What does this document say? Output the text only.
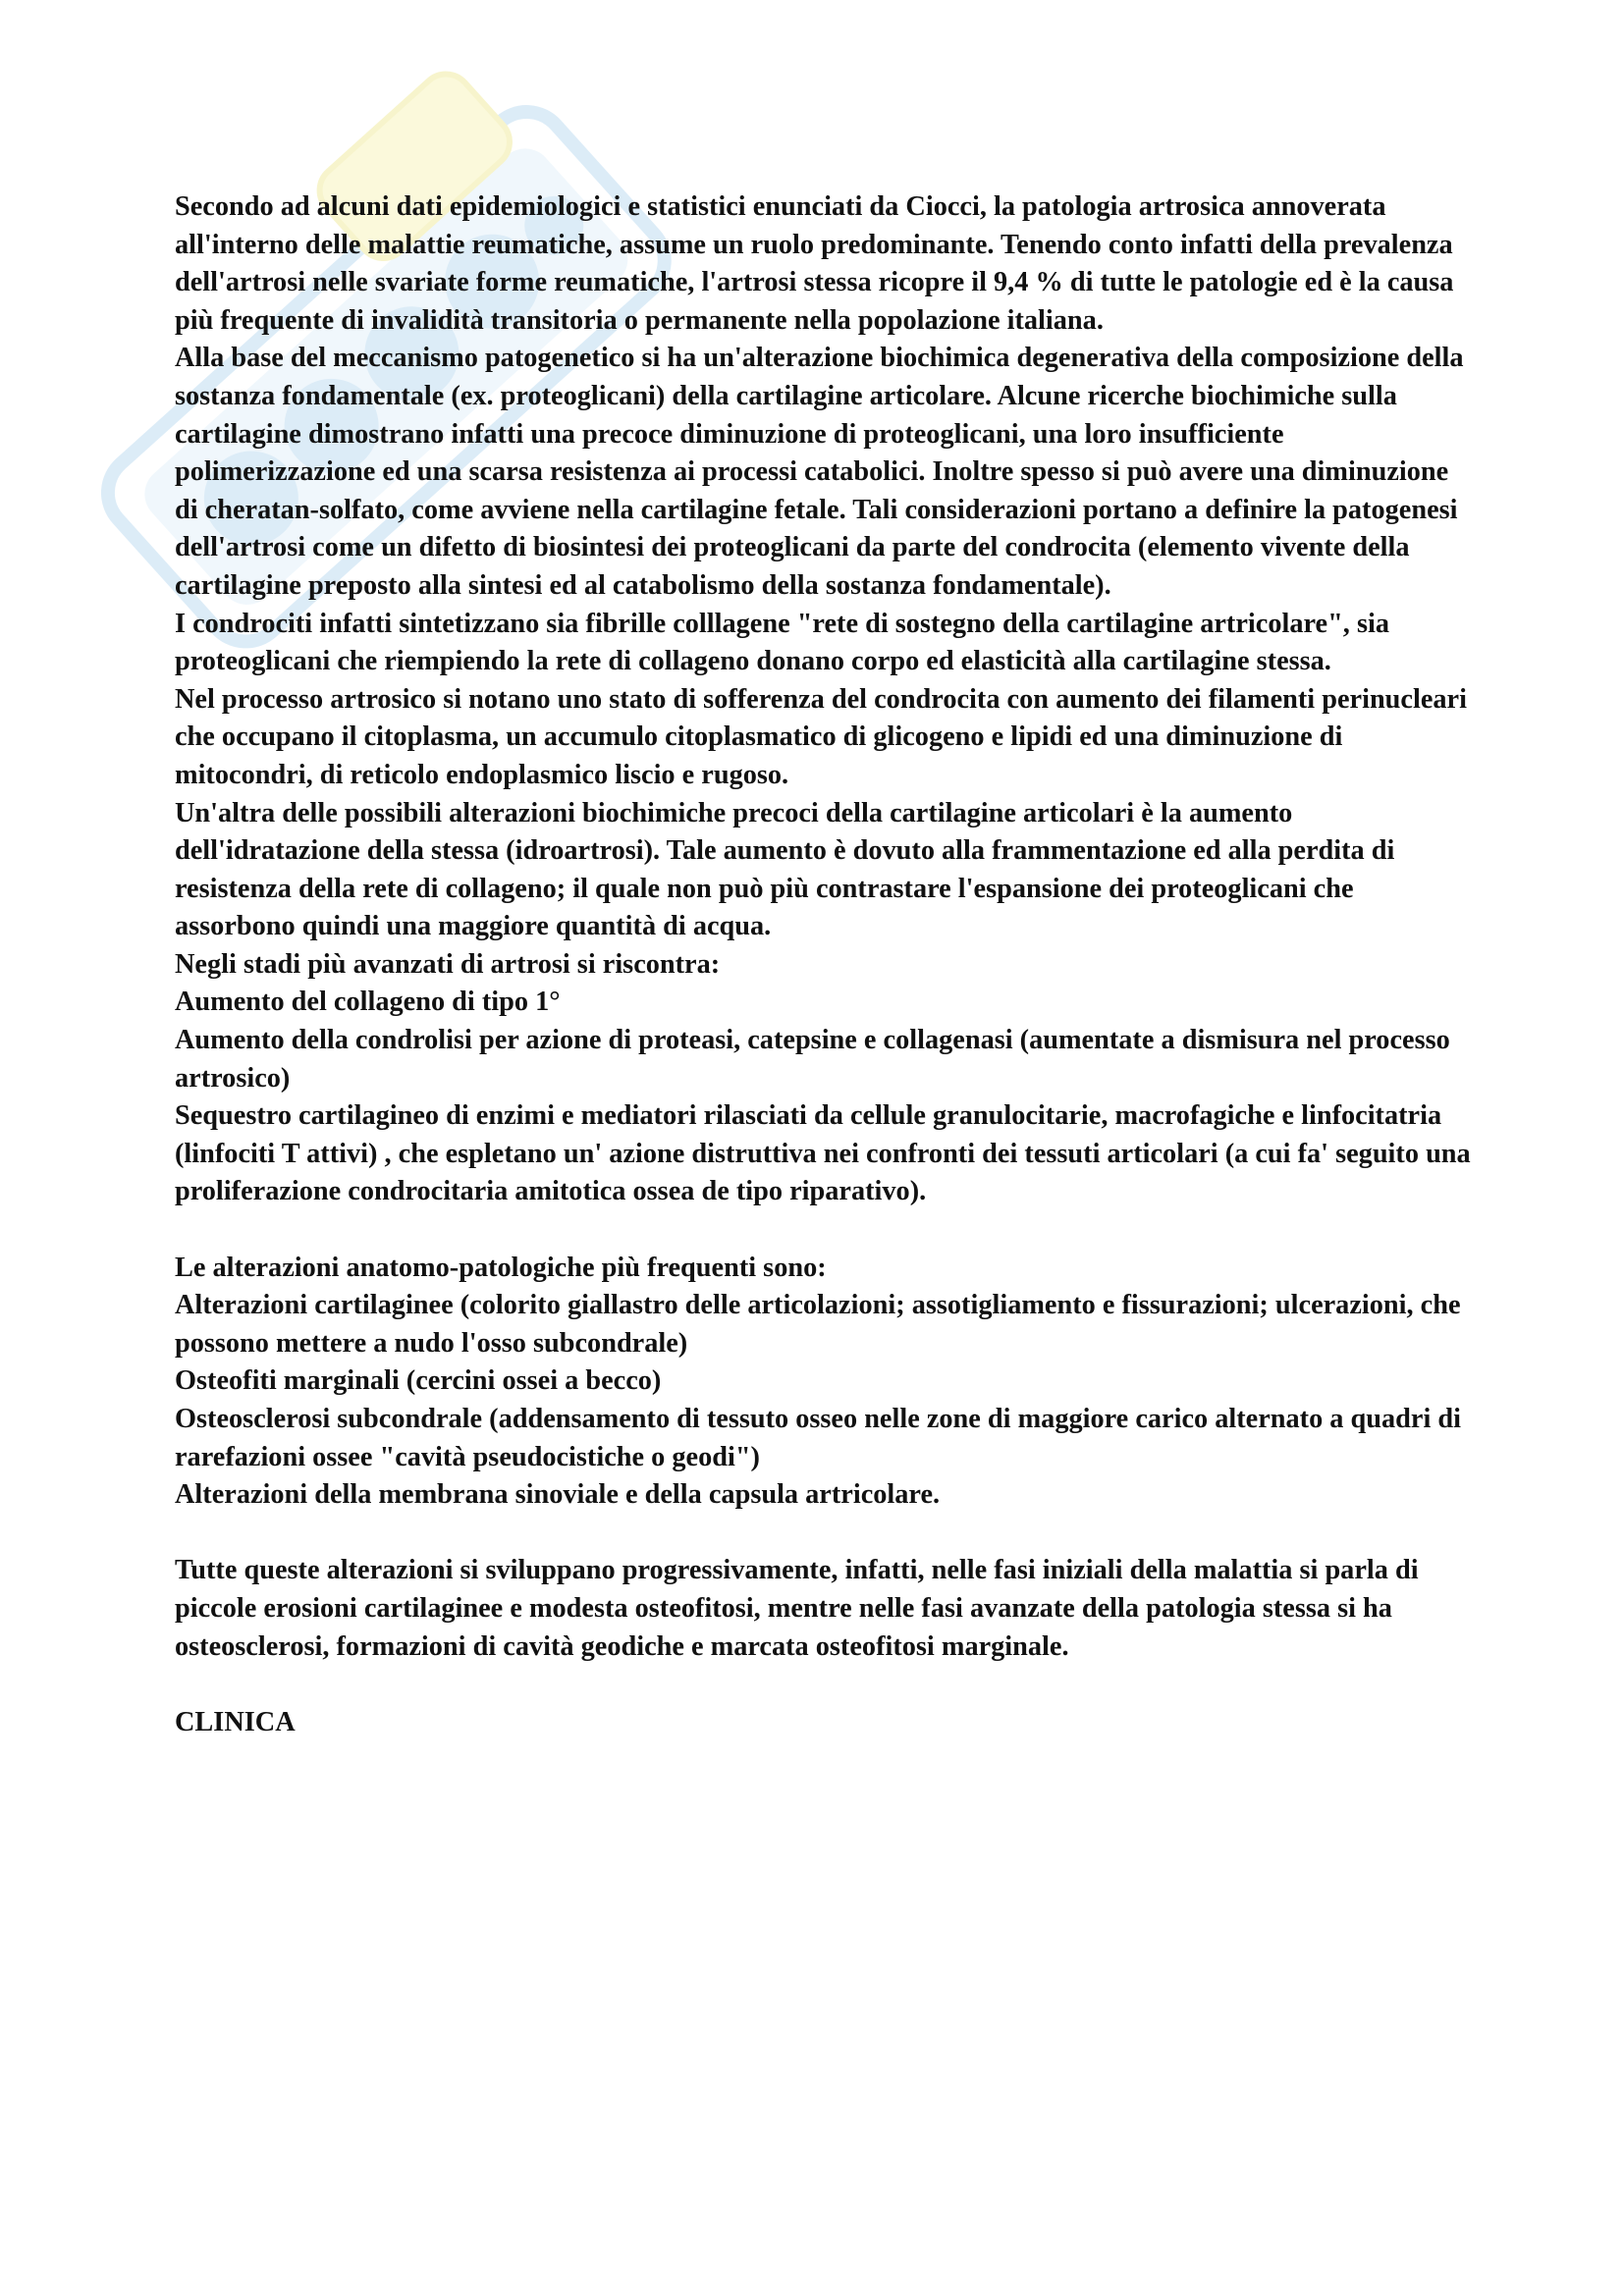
Secondo ad alcuni dati epidemiologici e statistici enunciati da Ciocci, la patologia artrosica annoverata all'interno delle malattie reumatiche, assume un ruolo predominante. Tenendo conto infatti della prevalenza dell'artrosi nelle svariate forme reumatiche, l'artrosi stessa ricopre il 9,4 % di tutte le patologie ed è la causa più frequente di invalidità transitoria o permanente nella popolazione italiana.

Alla base del meccanismo patogenetico si ha un'alterazione biochimica degenerativa della composizione della sostanza fondamentale (ex. proteoglicani) della cartilagine articolare. Alcune ricerche biochimiche sulla cartilagine dimostrano infatti una precoce diminuzione di proteoglicani, una loro insufficiente polimerizzazione ed una scarsa resistenza ai processi catabolici. Inoltre spesso si può avere una diminuzione di cheratan-solfato, come avviene nella cartilagine fetale. Tali considerazioni portano a definire la patogenesi dell'artrosi come un difetto di biosintesi dei proteoglicani da parte del condrocita (elemento vivente della cartilagine preposto alla sintesi ed al catabolismo della sostanza fondamentale).

I condrociti infatti sintetizzano sia fibrille colllagene "rete di sostegno della cartilagine artricolare", sia proteoglicani che riempiendo la rete di collageno donano corpo ed elasticità alla cartilagine stessa.

Nel processo artrosico si notano uno stato di sofferenza del condrocita con aumento dei filamenti perinucleari che occupano il citoplasma, un accumulo citoplasmatico di glicogeno e lipidi ed una diminuzione di mitocondri, di reticolo endoplasmico liscio e rugoso.

Un'altra delle possibili alterazioni biochimiche precoci della cartilagine articolari è la aumento dell'idratazione della stessa (idroartrosi). Tale aumento è dovuto alla frammentazione ed alla perdita di resistenza della rete di collageno; il quale non può più contrastare l'espansione dei proteoglicani che assorbono quindi una maggiore quantità di acqua.

Negli stadi più avanzati di artrosi si riscontra:

Aumento del collageno di tipo 1°

Aumento della condrolisi per azione di proteasi, catepsine e collagenasi (aumentate a dismisura nel processo artrosico)

Sequestro cartilagineo di enzimi e mediatori rilasciati da cellule granulocitarie, macrofagiche e linfocitatria (linfociti T attivi) , che espletano un' azione distruttiva nei confronti dei tessuti articolari (a cui fa' seguito una proliferazione condrocitaria amitotica ossea de tipo riparativo).

Le alterazioni anatomo-patologiche più frequenti sono:

Alterazioni cartilaginee (colorito giallastro delle articolazioni; assotigliamento e fissurazioni; ulcerazioni, che possono mettere a nudo l'osso subcondrale)

Osteofiti marginali (cercini ossei a becco)

Osteosclerosi subcondrale (addensamento di tessuto osseo nelle zone di maggiore carico alternato a quadri di rarefazioni ossee "cavità pseudocistiche o geodi")

Alterazioni della membrana sinoviale e della capsula artricolare.

Tutte queste alterazioni si sviluppano progressivamente, infatti, nelle fasi iniziali della malattia si parla di piccole erosioni cartilaginee e modesta osteofitosi, mentre nelle fasi avanzate della patologia stessa si ha osteosclerosi, formazioni di cavità geodiche e marcata osteofitosi marginale.

CLINICA
